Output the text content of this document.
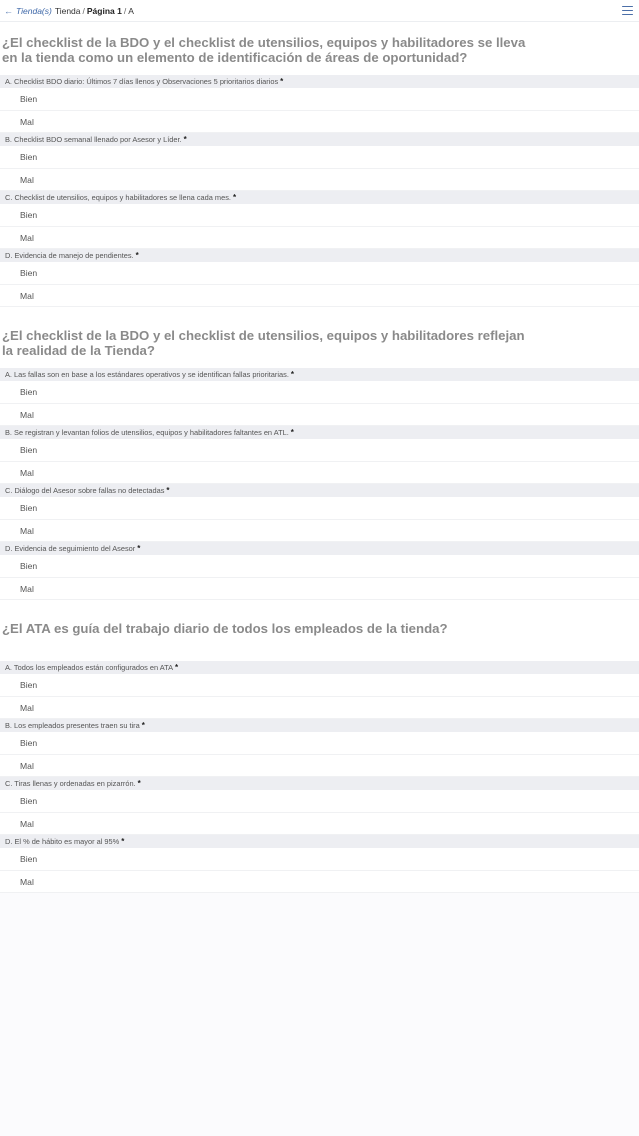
← Tienda(s) Tienda / Página 1 / A
¿El checklist de la BDO y el checklist de utensilios, equipos y habilitadores se lleva en la tienda como un elemento de identificación de áreas de oportunidad?
A. Checklist BDO diario: Últimos 7 días llenos y Observaciones 5 prioritarios diarios *
Bien
Mal
B. Checklist BDO semanal llenado por Asesor y Líder. *
Bien
Mal
C. Checklist de utensilios, equipos y habilitadores se llena cada mes. *
Bien
Mal
D. Evidencia de manejo de pendientes. *
Bien
Mal
¿El checklist de la BDO y el checklist de utensilios, equipos y habilitadores reflejan la realidad de la Tienda?
A. Las fallas son en base a los estándares operativos y se identifican fallas prioritarias. *
Bien
Mal
B. Se registran y levantan folios de utensilios, equipos y habilitadores faltantes en ATL. *
Bien
Mal
C. Diálogo del Asesor sobre fallas no detectadas *
Bien
Mal
D. Evidencia de seguimiento del Asesor *
Bien
Mal
¿El ATA es guía del trabajo diario de todos los empleados de la tienda?
A. Todos los empleados están configurados en ATA *
Bien
Mal
B. Los empleados presentes traen su tira *
Bien
Mal
C. Tiras llenas y ordenadas en pizarrón. *
Bien
Mal
D. El % de hábito es mayor al 95% *
Bien
Mal
